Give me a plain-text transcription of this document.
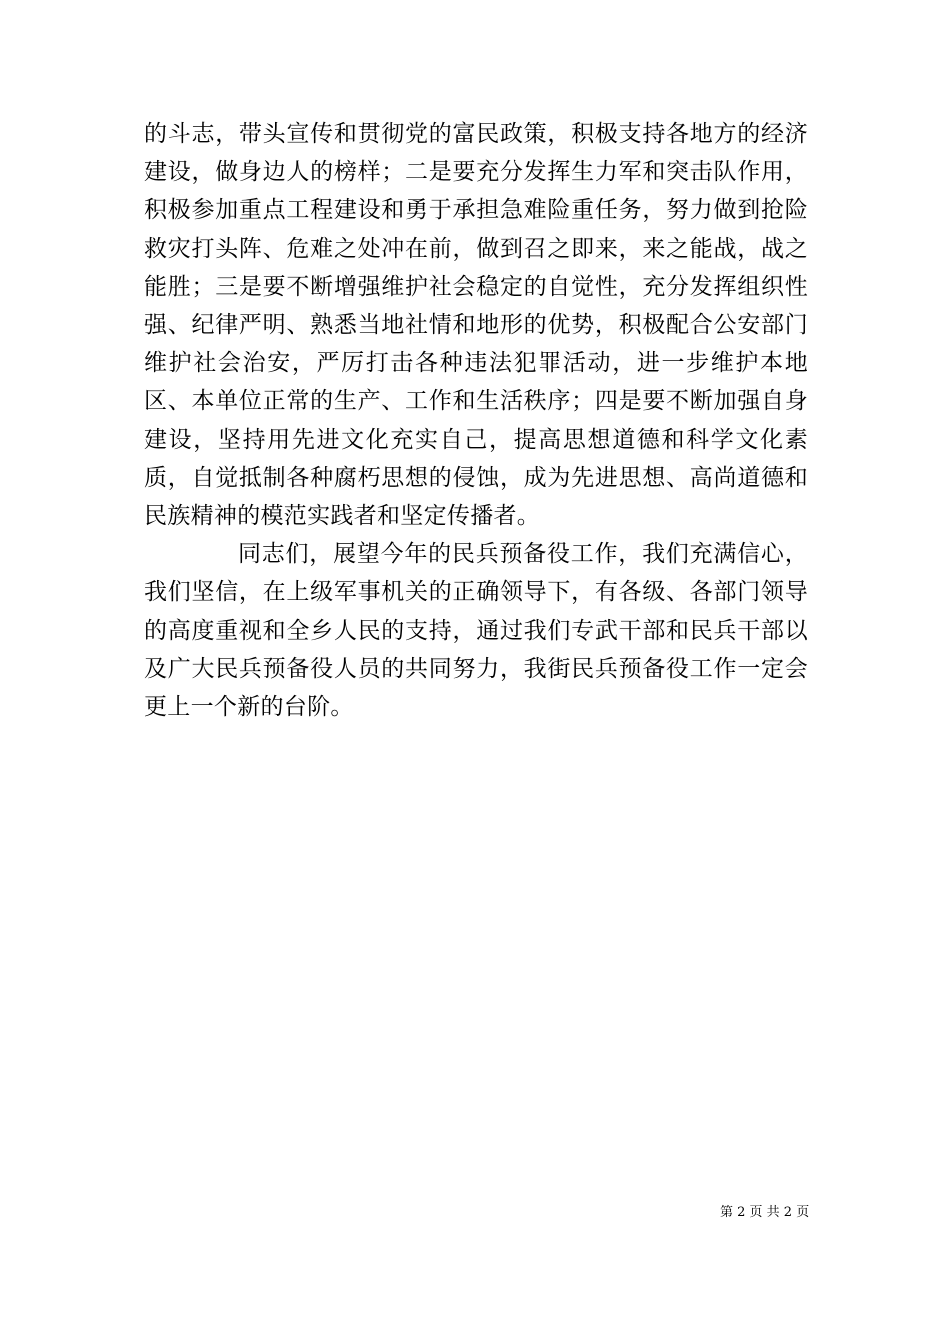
的斗志，带头宣传和贯彻党的富民政策，积极支持各地方的经济建设，做身边人的榜样；二是要充分发挥生力军和突击队作用，积极参加重点工程建设和勇于承担急难险重任务，努力做到抢险救灾打头阵、危难之处冲在前，做到召之即来，来之能战，战之能胜；三是要不断增强维护社会稳定的自觉性，充分发挥组织性强、纪律严明、熟悉当地社情和地形的优势，积极配合公安部门维护社会治安，严厉打击各种违法犯罪活动，进一步维护本地区、本单位正常的生产、工作和生活秩序；四是要不断加强自身建设，坚持用先进文化充实自己，提高思想道德和科学文化素质，自觉抵制各种腐朽思想的侵蚀，成为先进思想、高尚道德和民族精神的模范实践者和坚定传播者。

同志们，展望今年的民兵预备役工作，我们充满信心，我们坚信，在上级军事机关的正确领导下，有各级、各部门领导的高度重视和全乡人民的支持，通过我们专武干部和民兵干部以及广大民兵预备役人员的共同努力，我街民兵预备役工作一定会更上一个新的台阶。

第 2 页 共 2 页
